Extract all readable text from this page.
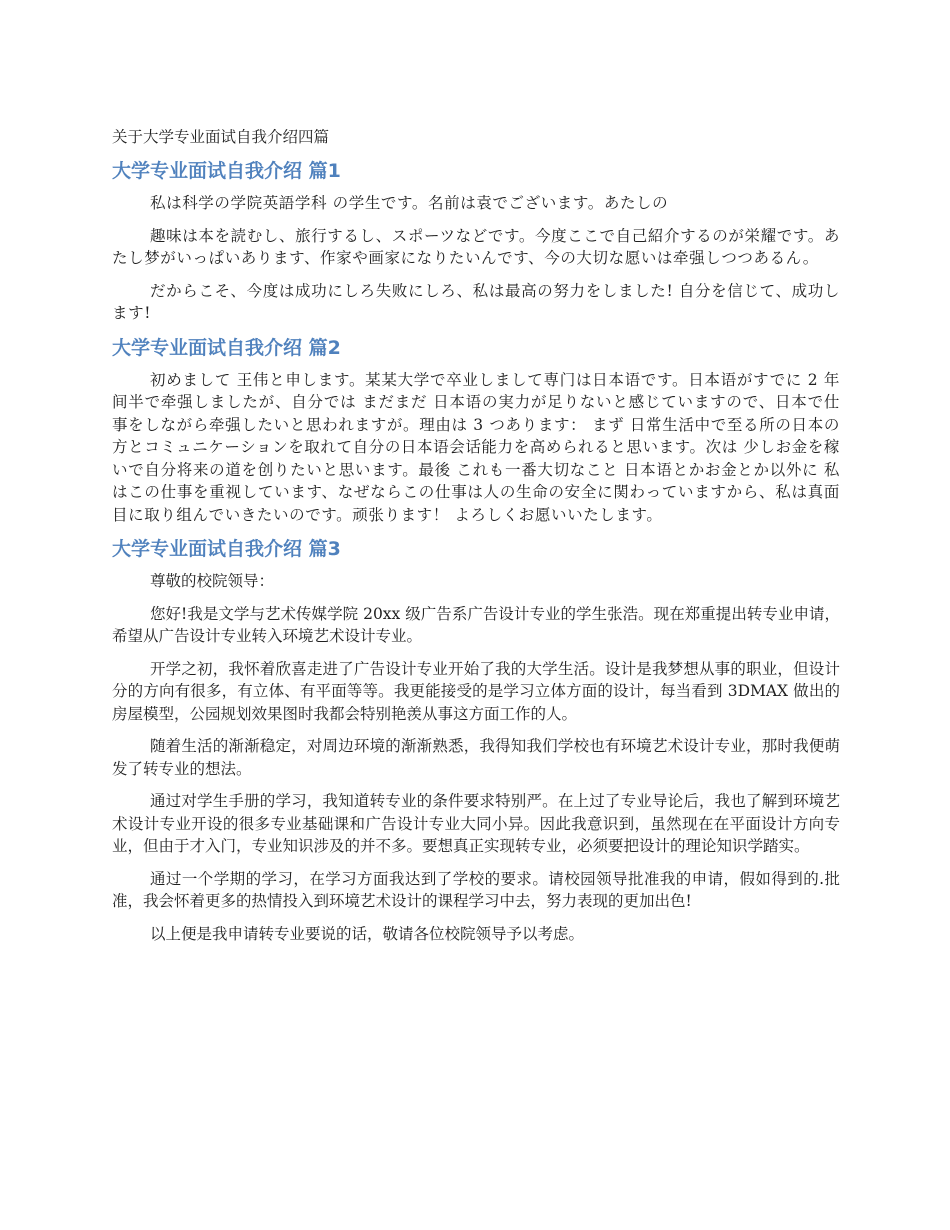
关于大学专业面试自我介绍四篇
大学专业面试自我介绍 篇1

私は科学の学院英語学科 の学生です。名前は袁でございます。あたしの

趣味は本を読むし、旅行するし、スポーツなどです。今度ここで自己紹介するのが栄耀です。あたし梦がいっぱいあります、作家や画家になりたいんです、今の大切な愿いは牵强しつつあるん。

だからこそ、今度は成功にしろ失败にしろ、私は最高の努力をしました! 自分を信じて、成功します!

大学专业面试自我介绍 篇2

初めまして 王伟と申します。某某大学で卒业しまして専门は日本语です。日本语がすでに 2 年间半で牵强しましたが、自分では まだまだ 日本语の実力が足りないと感じていますので、日本で仕事をしながら牵强したいと思われますが。理由は 3 つあります： まず 日常生活中で至る所の日本の方とコミュニケーションを取れて自分の日本语会话能力を高められると思います。次は 少しお金を稼いで自分将来の道を创りたいと思います。最後 これも一番大切なこと 日本语とかお金とか以外に 私はこの仕事を重视しています、なぜならこの仕事は人の生命の安全に関わっていますから、私は真面目に取り组んでいきたいのです。顽张ります！ よろしくお愿いいたします。

大学专业面试自我介绍 篇3

尊敬的校院领导：

您好!我是文学与艺术传媒学院 20xx 级广告系广告设计专业的学生张浩。现在郑重提出转专业申请，希望从广告设计专业转入环境艺术设计专业。

开学之初，我怀着欣喜走进了广告设计专业开始了我的大学生活。设计是我梦想从事的职业，但设计分的方向有很多，有立体、有平面等等。我更能接受的是学习立体方面的设计，每当看到 3DMAX 做出的房屋模型，公园规划效果图时我都会特别艳羡从事这方面工作的人。

随着生活的渐渐稳定，对周边环境的渐渐熟悉，我得知我们学校也有环境艺术设计专业，那时我便萌发了转专业的想法。

通过对学生手册的学习，我知道转专业的条件要求特别严。在上过了专业导论后，我也了解到环境艺术设计专业开设的很多专业基础课和广告设计专业大同小异。因此我意识到，虽然现在在平面设计方向专业，但由于才入门，专业知识涉及的并不多。要想真正实现转专业，必须要把设计的理论知识学踏实。

通过一个学期的学习，在学习方面我达到了学校的要求。请校园领导批准我的申请，假如得到的.批准，我会怀着更多的热情投入到环境艺术设计的课程学习中去，努力表现的更加出色!

以上便是我申请转专业要说的话，敬请各位校院领导予以考虑。
